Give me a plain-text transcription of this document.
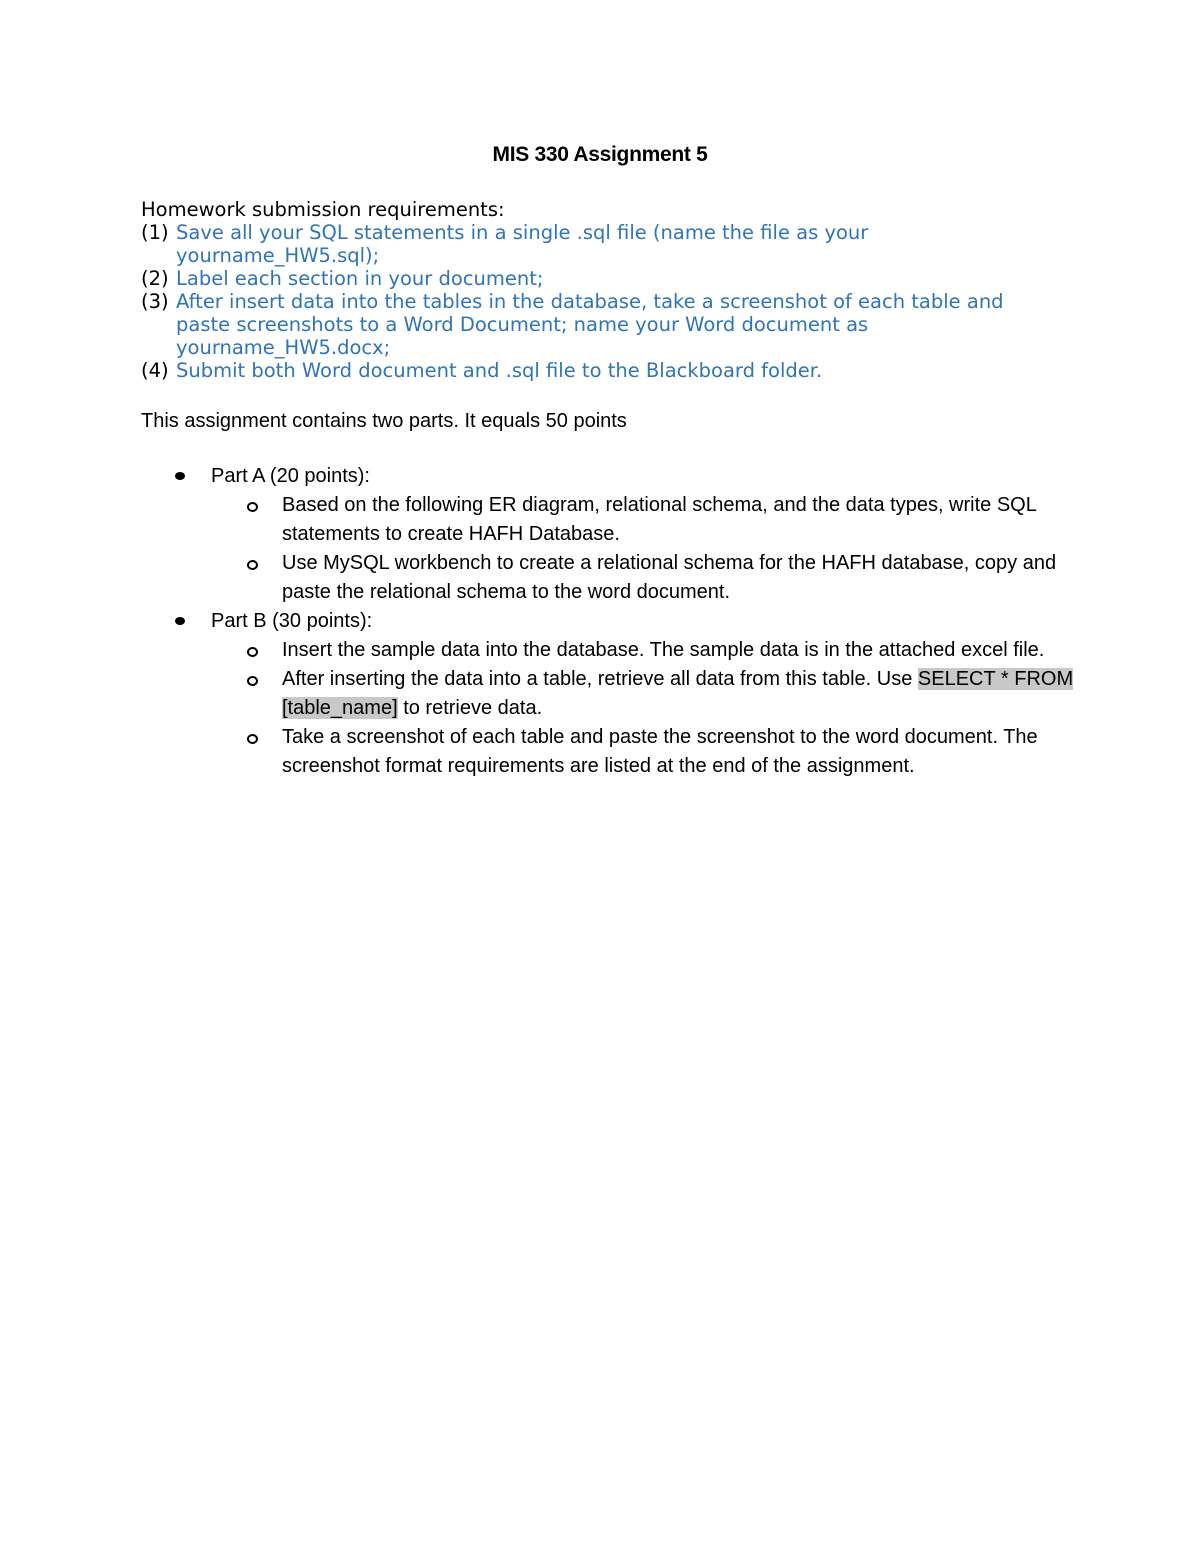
MIS 330 Assignment 5

Homework submission requirements:

(1) Save all your SQL statements in a single .sql file (name the file as your yourname_HW5.sql);
(2) Label each section in your document;
(3) After insert data into the tables in the database, take a screenshot of each table and paste screenshots to a Word Document; name your Word document as yourname_HW5.docx;
(4) Submit both Word document and .sql file to the Blackboard folder.
This assignment contains two parts. It equals 50 points
Part A (20 points):
Based on the following ER diagram, relational schema, and the data types, write SQL statements to create HAFH Database.
Use MySQL workbench to create a relational schema for the HAFH database, copy and paste the relational schema to the word document.
Part B (30 points):
Insert the sample data into the database. The sample data is in the attached excel file.
After inserting the data into a table, retrieve all data from this table. Use SELECT * FROM [table_name] to retrieve data.
Take a screenshot of each table and paste the screenshot to the word document. The screenshot format requirements are listed at the end of the assignment.
